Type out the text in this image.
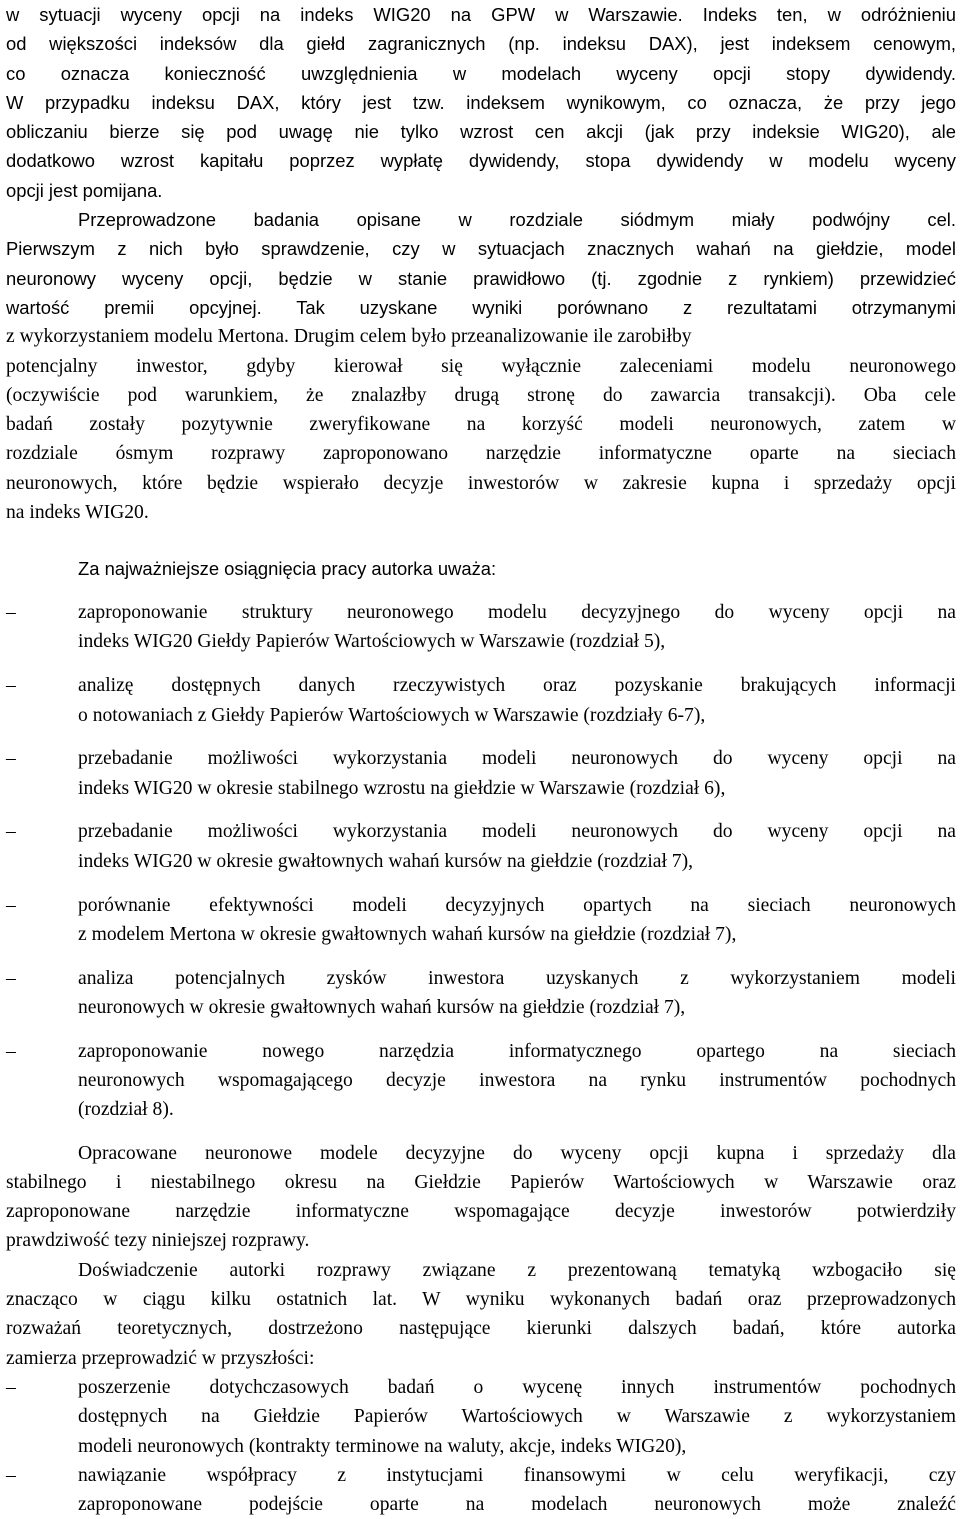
w sytuacji wyceny opcji na indeks WIG20 na GPW w Warszawie. Indeks ten, w odróżnieniu
od większości indeksów dla giełd zagranicznych (np. indeksu DAX), jest indeksem cenowym,
co oznacza konieczność uwzględnienia w modelach wyceny opcji stopy dywidendy.
W przypadku indeksu DAX, który jest tzw. indeksem wynikowym, co oznacza, że przy jego
obliczaniu bierze się pod uwagę nie tylko wzrost cen akcji (jak przy indeksie WIG20), ale
dodatkowo wzrost kapitału poprzez wypłatę dywidendy, stopa dywidendy w modelu wyceny
opcji jest pomijana.

Przeprowadzone badania opisane w rozdziale siódmym miały podwójny cel.
Pierwszym z nich było sprawdzenie, czy w sytuacjach znacznych wahań na giełdzie, model
neuronowy wyceny opcji, będzie w stanie prawidłowo (tj. zgodnie z rynkiem) przewidzieć
wartość premii opcyjnej. Tak uzyskane wyniki porównano z rezultatami otrzymanymi

z wykorzystaniem modelu Mertona. Drugim celem było przeanalizowanie ile zarobiłby
potencjalny inwestor, gdyby kierował się wyłącznie zaleceniami modelu neuronowego
(oczywiście pod warunkiem, że znalazłby drugą stronę do zawarcia transakcji). Oba cele
badań zostały pozytywnie zweryfikowane na korzyść modeli neuronowych, zatem w
rozdziale ósmym rozprawy zaproponowano narzędzie informatyczne oparte na sieciach
neuronowych, które będzie wspierało decyzje inwestorów w zakresie kupna i sprzedaży opcji
na indeks WIG20.

Za najważniejsze osiągnięcia pracy autorka uważa:

–	zaproponowanie struktury neuronowego modelu decyzyjnego do wyceny opcji na
indeks WIG20 Giełdy Papierów Wartościowych w Warszawie (rozdział 5),
–	analizę dostępnych danych rzeczywistych oraz pozyskanie brakujących informacji
o notowaniach z Giełdy Papierów Wartościowych w Warszawie (rozdziały 6-7),
–	przebadanie możliwości wykorzystania modeli neuronowych do wyceny opcji na
indeks WIG20 w okresie stabilnego wzrostu na giełdzie w Warszawie (rozdział 6),
–	przebadanie możliwości wykorzystania modeli neuronowych do wyceny opcji na
indeks WIG20 w okresie gwałtownych wahań kursów na giełdzie (rozdział 7),
–	porównanie efektywności modeli decyzyjnych opartych na sieciach neuronowych
z modelem Mertona w okresie gwałtownych wahań kursów na giełdzie (rozdział 7),
–	analiza potencjalnych zysków inwestora uzyskanych z wykorzystaniem modeli
neuronowych w okresie gwałtownych wahań kursów na giełdzie (rozdział 7),
–	zaproponowanie nowego narzędzia informatycznego opartego na sieciach
neuronowych wspomagającego decyzje inwestora na rynku instrumentów pochodnych
(rozdział 8).

Opracowane neuronowe modele decyzyjne do wyceny opcji kupna i sprzedaży dla
stabilnego i niestabilnego okresu na Giełdzie Papierów Wartościowych w Warszawie oraz
zaproponowane narzędzie informatyczne wspomagające decyzje inwestorów potwierdziły
prawdziwość tezy niniejszej rozprawy.

Doświadczenie autorki rozprawy związane z prezentowaną tematyką wzbogaciło się
znacząco w ciągu kilku ostatnich lat. W wyniku wykonanych badań oraz przeprowadzonych
rozważań teoretycznych, dostrzeżono następujące kierunki dalszych badań, które autorka
zamierza przeprowadzić w przyszłości:

–	poszerzenie dotychczasowych badań o wycenę innych instrumentów pochodnych
dostępnych na Giełdzie Papierów Wartościowych w Warszawie z wykorzystaniem
modeli neuronowych (kontrakty terminowe na waluty, akcje, indeks WIG20),
–	nawiązanie współpracy z instytucjami finansowymi w celu weryfikacji, czy
zaproponowane podejście oparte na modelach neuronowych może znaleźć
